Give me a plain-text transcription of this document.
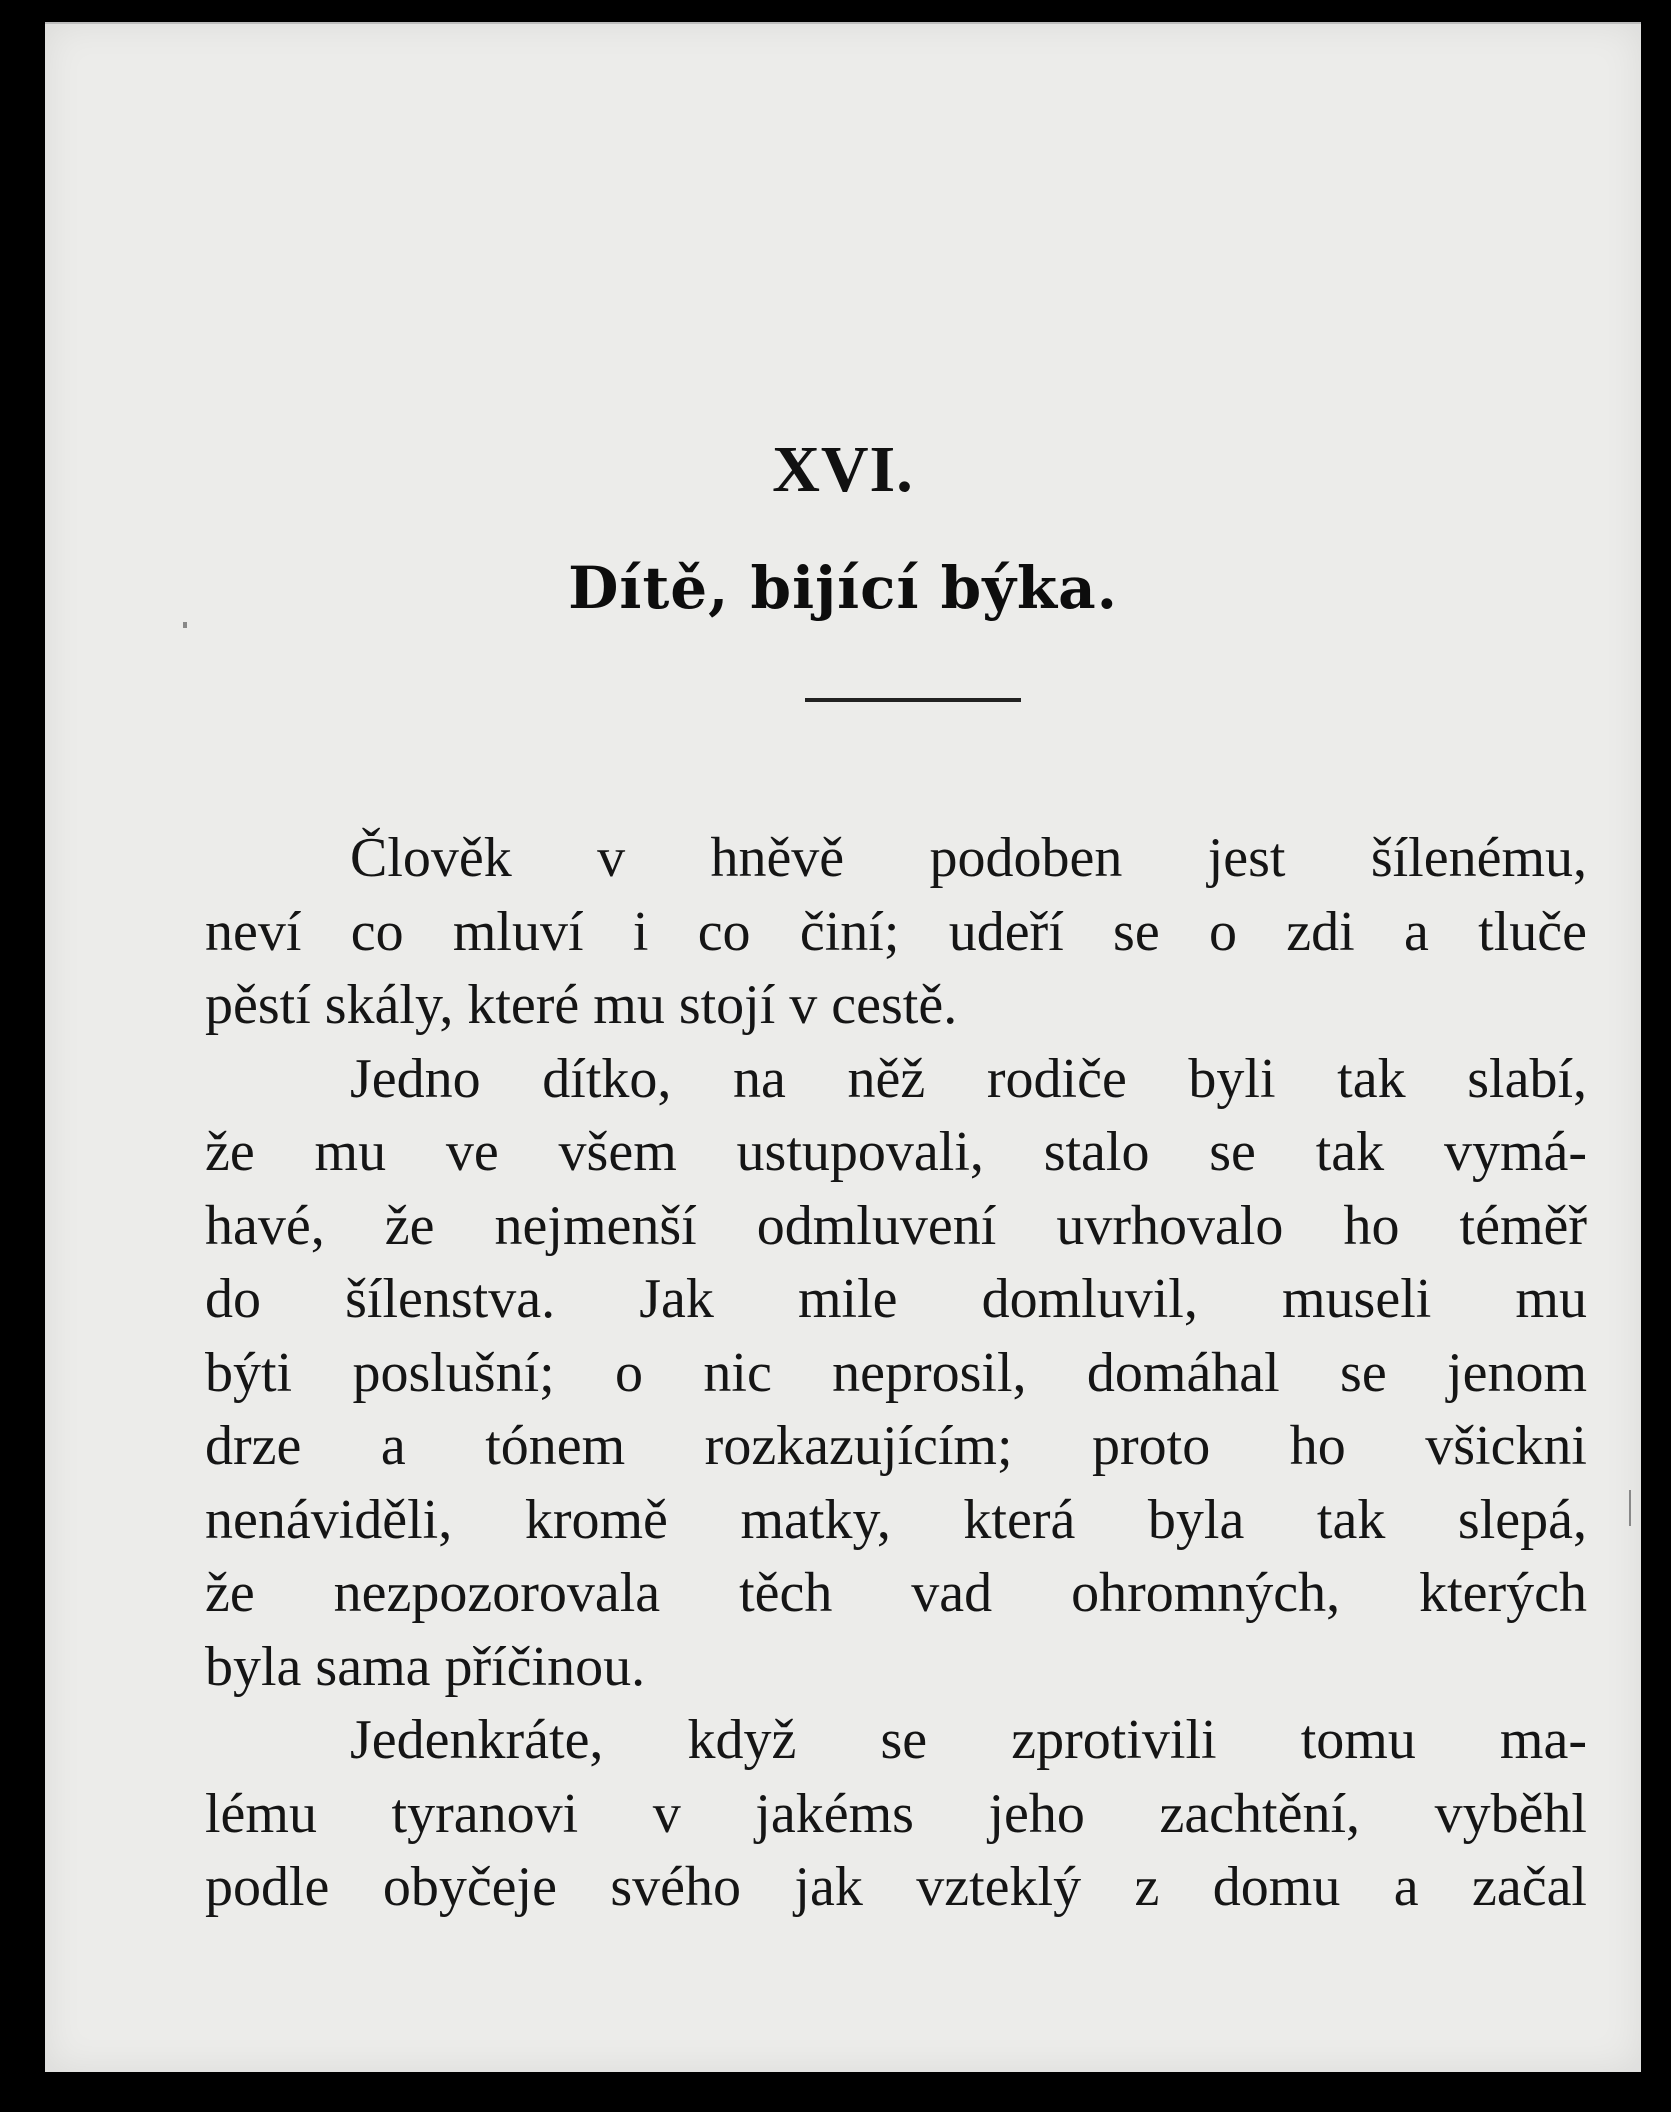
XVI.
Dítě, bijící býka.
Člověk v hněvě podoben jest šílenému,
neví co mluví i co činí; udeří se o zdi a tluče
pěstí skály, které mu stojí v cestě.
Jedno dítko, na něž rodiče byli tak slabí,
že mu ve všem ustupovali, stalo se tak vymá-
havé, že nejmenší odmluvení uvrhovalo ho téměř
do šílenstva. Jak mile domluvil, museli mu
býti poslušní; o nic neprosil, domáhal se jenom
drze a tónem rozkazujícím; proto ho všickni
nenáviděli, kromě matky, která byla tak slepá,
že nezpozorovala těch vad ohromných, kterých
byla sama příčinou.
Jedenkráte, když se zprotivili tomu ma-
lému tyranovi v jakéms jeho zachtění, vyběhl
podle obyčeje svého jak vzteklý z domu a začal
